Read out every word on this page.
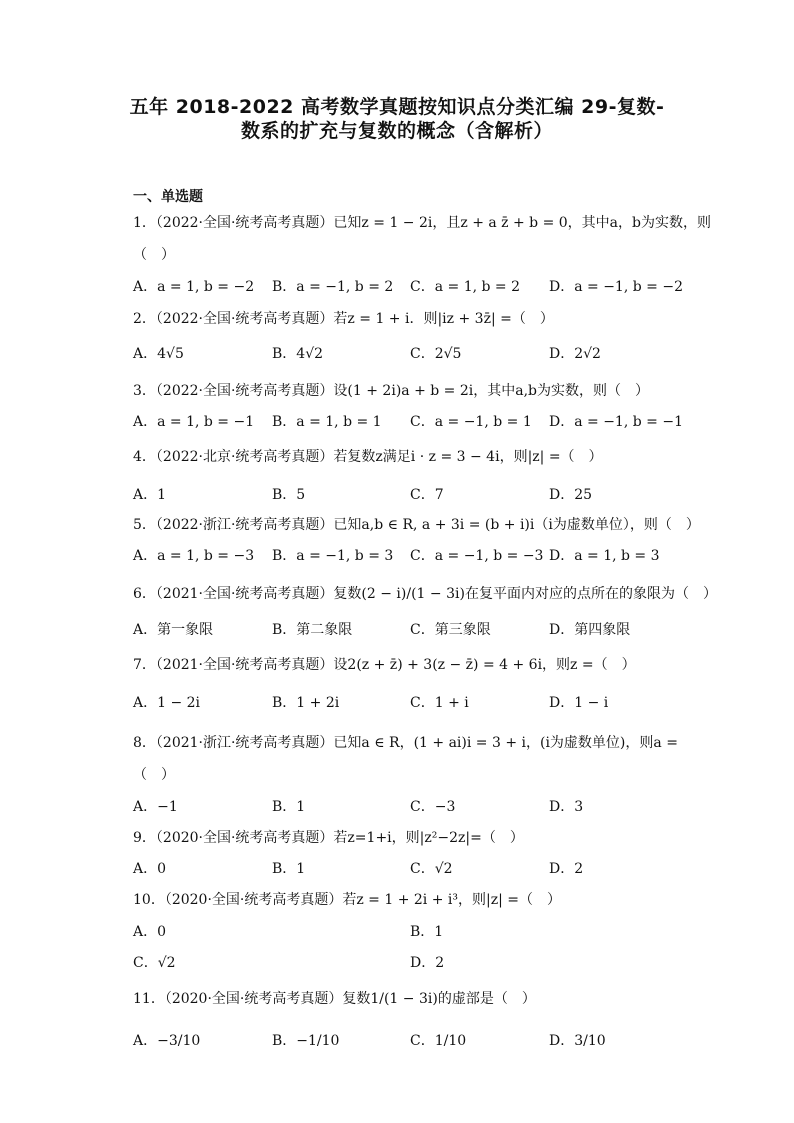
五年 2018-2022 高考数学真题按知识点分类汇编 29-复数-
数系的扩充与复数的概念（含解析）
一、单选题
1．（2022·全国·统考高考真题）已知z = 1 − 2i，且z + a z̄ + b = 0，其中a，b为实数，则
（　）
A．a = 1, b = −2 B．a = −1, b = 2 C．a = 1, b = 2 D．a = −1, b = −2
2．（2022·全国·统考高考真题）若z = 1 + i．则|iz + 3z̄| =（　）
A．4√5	B．4√2	C．2√5	D．2√2
3．（2022·全国·统考高考真题）设(1 + 2i)a + b = 2i，其中a,b为实数，则（　）
A．a = 1, b = −1 B．a = 1, b = 1 C．a = −1, b = 1 D．a = −1, b = −1
4．（2022·北京·统考高考真题）若复数z满足i · z = 3 − 4i，则|z| =（　）
A．1	B．5	C．7	D．25
5．（2022·浙江·统考高考真题）已知a,b ∈ R, a + 3i = (b + i)i（i为虚数单位），则（　）
A．a = 1, b = −3 B．a = −1, b = 3 C．a = −1, b = −3 D．a = 1, b = 3
6．（2021·全国·统考高考真题）复数(2 − i)/(1 − 3i)在复平面内对应的点所在的象限为（　）
A．第一象限	B．第二象限	C．第三象限	D．第四象限
7．（2021·全国·统考高考真题）设2(z + z̄) + 3(z − z̄) = 4 + 6i，则z =（　）
A．1 − 2i	B．1 + 2i	C．1 + i	D．1 − i
8．（2021·浙江·统考高考真题）已知a ∈ R，(1 + ai)i = 3 + i，(i为虚数单位)，则a =
（　）
A．−1	B．1	C．−3	D．3
9．（2020·全国·统考高考真题）若z=1+i，则|z²−2z|=（　）
A．0	B．1	C．√2	D．2
10．（2020·全国·统考高考真题）若z = 1 + 2i + i³，则|z| =（　）
A．0	B．1
C．√2	D．2
11．（2020·全国·统考高考真题）复数1/(1 − 3i)的虚部是（　）
A．−3/10	B．−1/10	C．1/10	D．3/10
